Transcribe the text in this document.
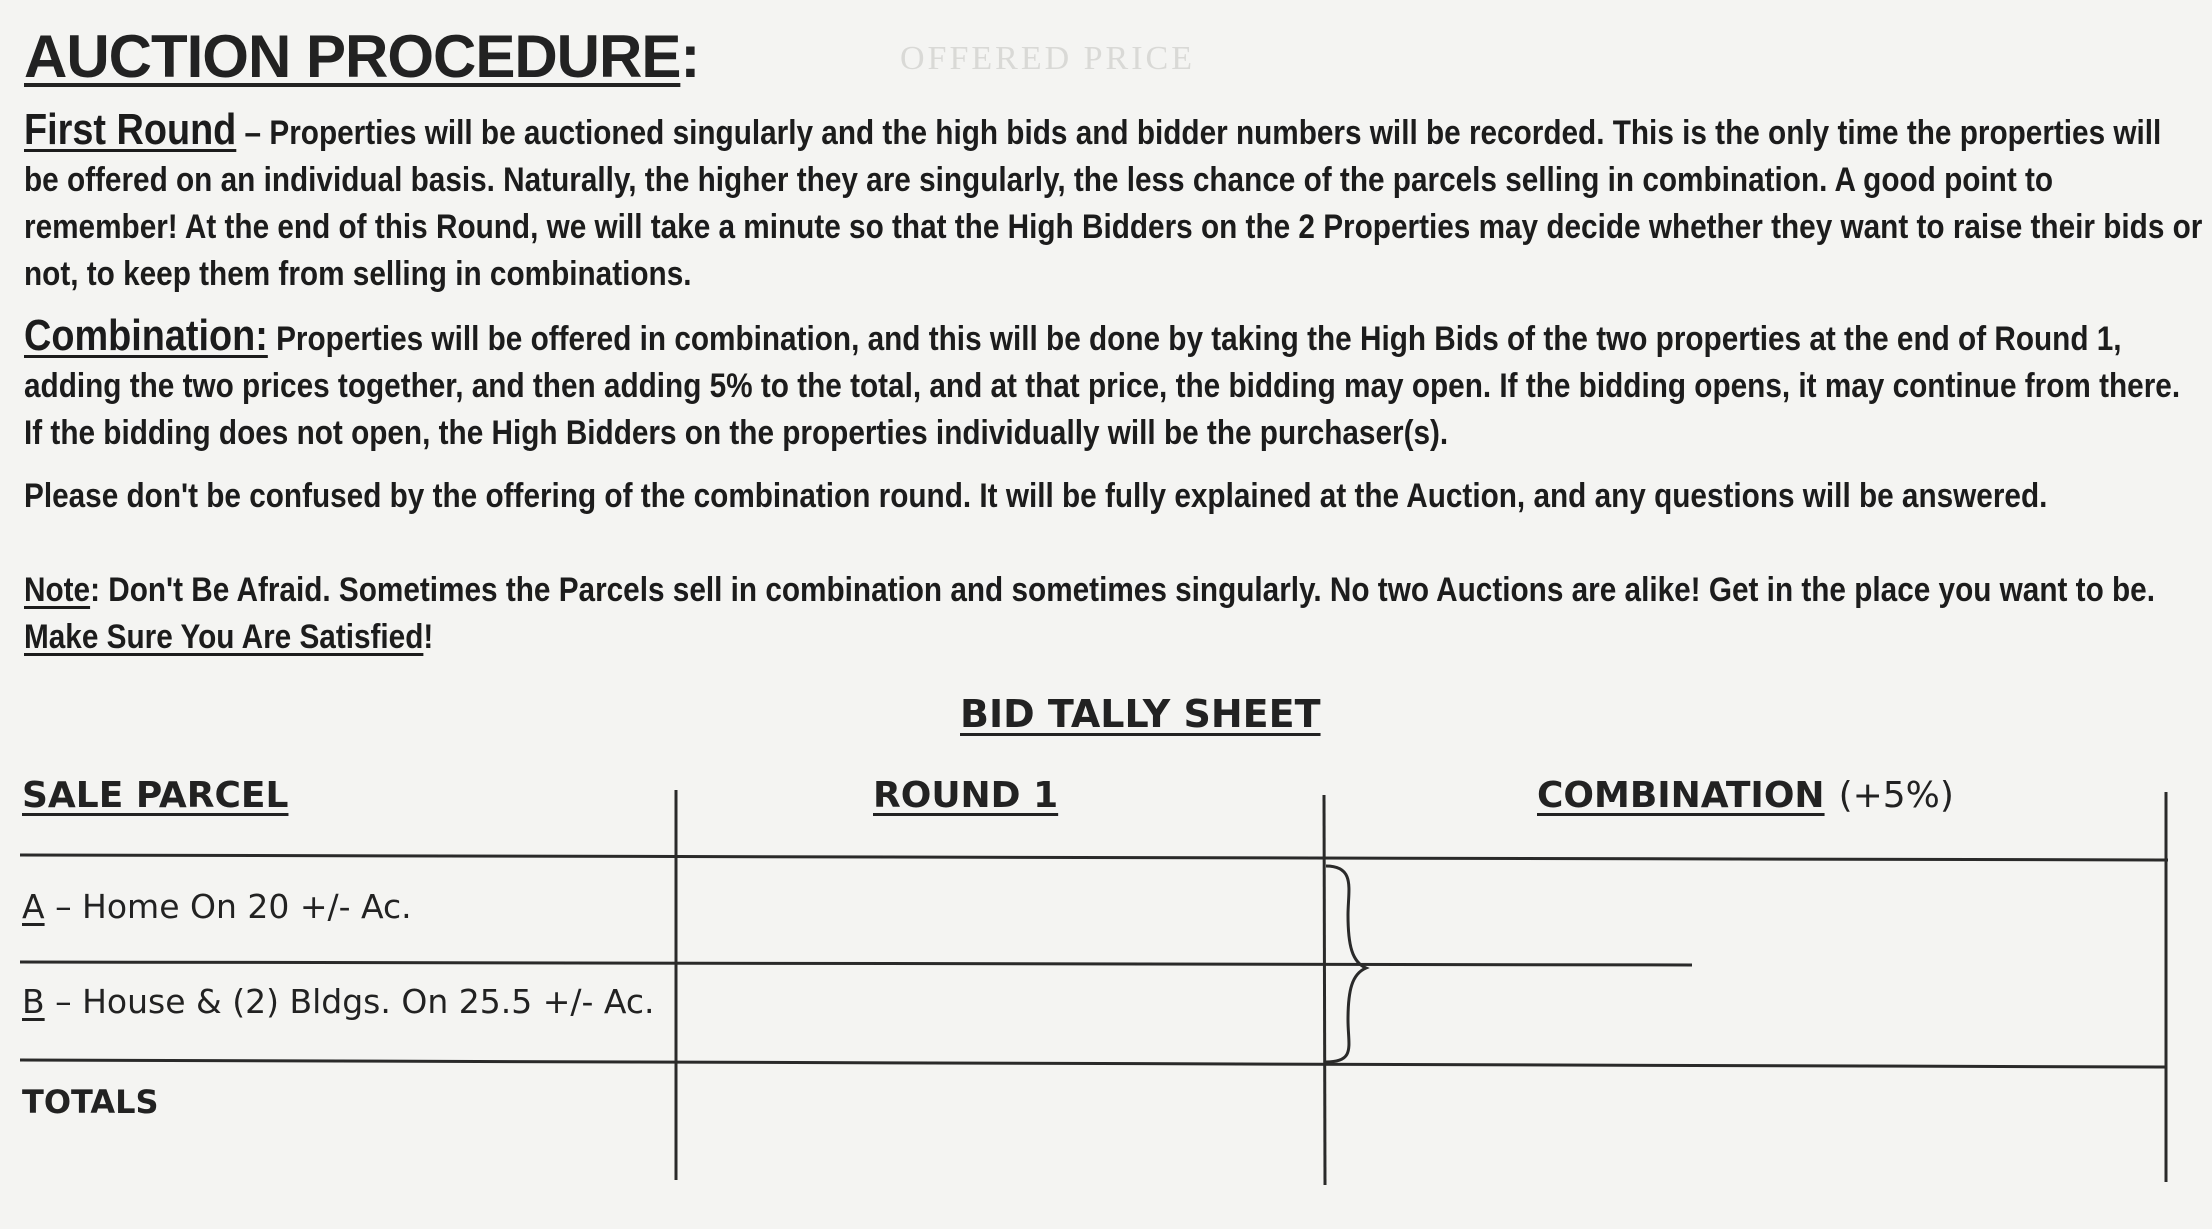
OFFERED PRICE
AUCTION PROCEDURE:

First Round – Properties will be auctioned singularly and the high bids and bidder numbers will be recorded. This is the only time the properties will be offered on an individual basis. Naturally, the higher they are singularly, the less chance of the parcels selling in combination. A good point to remember! At the end of this Round, we will take a minute so that the High Bidders on the 2 Properties may decide whether they want to raise their bids or not, to keep them from selling in combinations.

Combination: Properties will be offered in combination, and this will be done by taking the High Bids of the two properties at the end of Round 1, adding the two prices together, and then adding 5% to the total, and at that price, the bidding may open. If the bidding opens, it may continue from there. If the bidding does not open, the High Bidders on the properties individually will be the purchaser(s).

Please don't be confused by the offering of the combination round. It will be fully explained at the Auction, and any questions will be answered.

Note: Don't Be Afraid. Sometimes the Parcels sell in combination and sometimes singularly. No two Auctions are alike! Get in the place you want to be. Make Sure You Are Satisfied!

BID TALLY SHEET
SALE PARCEL	ROUND 1	COMBINATION (+5%)
A – Home On 20 +/- Ac.
B – House & (2) Bldgs. On 25.5 +/- Ac.
TOTALS
